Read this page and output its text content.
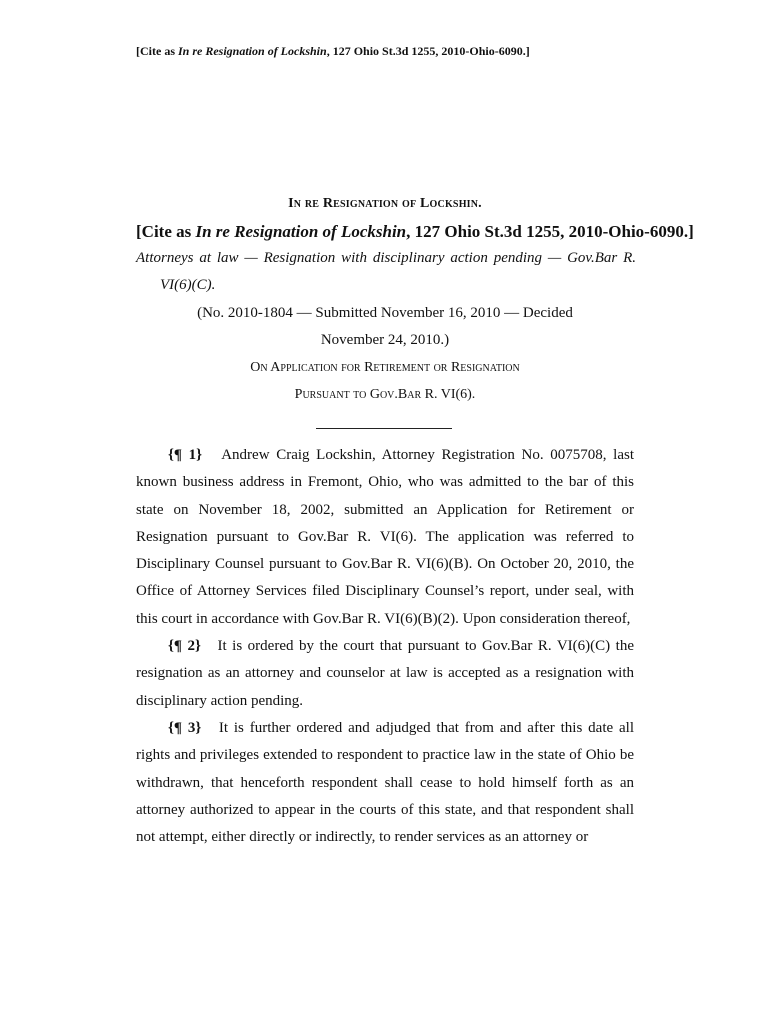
[Cite as In re Resignation of Lockshin, 127 Ohio St.3d 1255, 2010-Ohio-6090.]
In re Resignation of Lockshin.
[Cite as In re Resignation of Lockshin, 127 Ohio St.3d 1255, 2010-Ohio-6090.]
Attorneys at law — Resignation with disciplinary action pending — Gov.Bar R.
VI(6)(C).
(No. 2010-1804 — Submitted November 16, 2010 — Decided
November 24, 2010.)
On Application for Retirement or Resignation
Pursuant to Gov.Bar R. VI(6).

{¶ 1} Andrew Craig Lockshin, Attorney Registration No. 0075708, last known business address in Fremont, Ohio, who was admitted to the bar of this state on November 18, 2002, submitted an Application for Retirement or Resignation pursuant to Gov.Bar R. VI(6). The application was referred to Disciplinary Counsel pursuant to Gov.Bar R. VI(6)(B). On October 20, 2010, the Office of Attorney Services filed Disciplinary Counsel’s report, under seal, with this court in accordance with Gov.Bar R. VI(6)(B)(2). Upon consideration thereof,

{¶ 2} It is ordered by the court that pursuant to Gov.Bar R. VI(6)(C) the resignation as an attorney and counselor at law is accepted as a resignation with disciplinary action pending.

{¶ 3} It is further ordered and adjudged that from and after this date all rights and privileges extended to respondent to practice law in the state of Ohio be withdrawn, that henceforth respondent shall cease to hold himself forth as an attorney authorized to appear in the courts of this state, and that respondent shall not attempt, either directly or indirectly, to render services as an attorney or
